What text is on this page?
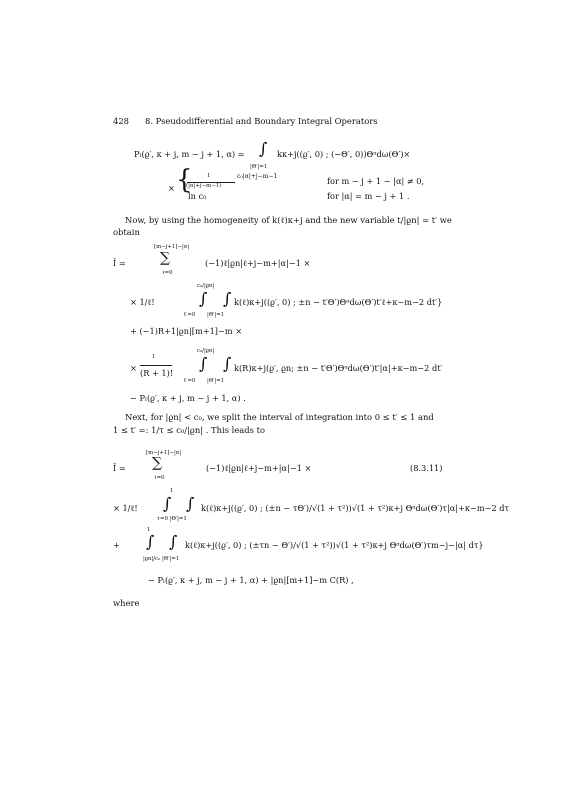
428 8. Pseudodifferential and Boundary Integral Operators
Pₗ(ϱ′, κ + j, m − j + 1, α) = ∫
|Θ′|=1
kκ+j((ϱ′, 0) ; (−Θ′, 0))Θᵅdω(Θ′)×
× {	1
(|α|+j−m−1)
c₀|α|+j−m−1	for m − j + 1 − |α| ≠ 0,
ln c₀	for |α| = m − j + 1 .
Now, by using the homogeneity of k(ℓ)κ+j and the new variable t/|ϱn| = t′ we
obtain
[m−j+1]−|α|
Ī = ∑
ℓ=0
(−1)ℓ|ϱn|ℓ+j−m+|α|−1 ×
c₀/|ϱn|
× 1/ℓ!	∫ ∫
t′=0 |Θ′|=1
k(ℓ)κ+j((ϱ′, 0) ; ±n − t′Θ′)Θᵅdω(Θ′)t′ℓ+κ−m−2 dt′}
+ (−1)R+1|ϱn|[m+1]−m ×
c₀/|ϱn|
×
1
(R + 1)! ∫ ∫
t′=0 |Θ′|=1
k(R)κ+j(ϱ′, ϱn; ±n − t′Θ′)Θᵅdω(Θ′)t′|α|+κ−m−2 dt′
− Pₗ(ϱ′, κ + j, m − j + 1, α) .
Next, for |ϱn| < c₀, we split the interval of integration into 0 ≤ t′ ≤ 1 and
1 ≤ t′ =: 1/τ ≤ c₀/|ϱn| . This leads to
[m−j+1]−|α|
Ī = ∑
ℓ=0
(−1)ℓ|ϱn|ℓ+j−m+|α|−1 ×	(8.3.11)
1
× 1/ℓ! ∫ ∫
τ=0 |Θ′|=1
k(ℓ)κ+j((ϱ′, 0) ; (±n − τΘ′)/√(1 + τ²))√(1 + τ²)κ+j Θᵅdω(Θ′)τ|α|+κ−m−2 dτ
1
+ ∫ ∫
|ϱn|/c₀ |Θ′|=1
k(ℓ)κ+j((ϱ′, 0) ; (±τn − Θ′)/√(1 + τ²))√(1 + τ²)κ+j Θᵅdω(Θ′)τm−j−|α| dτ}
− Pₗ(ϱ′, κ + j, m − j + 1, α) + |ϱn|[m+1]−m C(R) ,
where
